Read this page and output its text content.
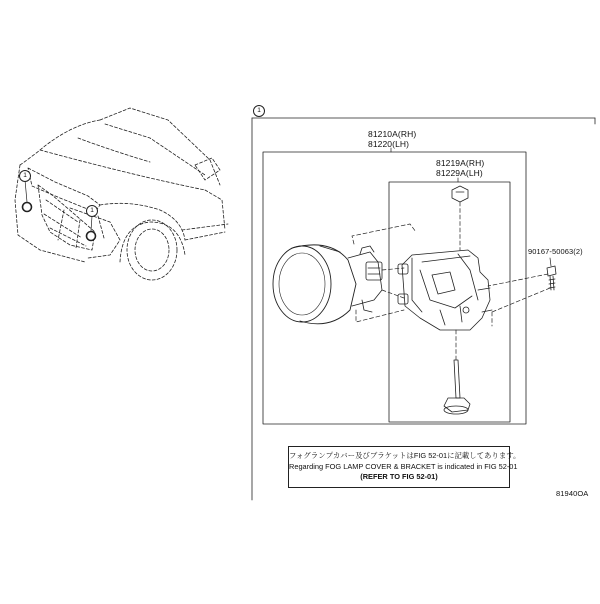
1
1
1
81210A(RH)
81220(LH)
81219A(RH)
81229A(LH)
90167-50063(2)
フォグランプカバー及びブラケットはFIG 52-01に記載してあります。
Regarding FOG LAMP COVER & BRACKET is indicated in FIG 52-01
(REFER TO FIG 52-01)
81940OA
